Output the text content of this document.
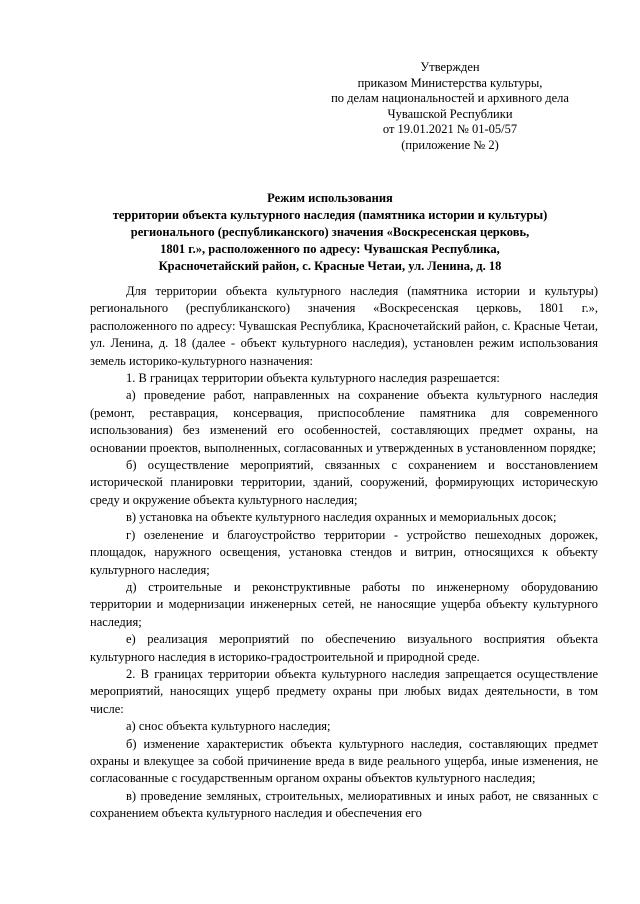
Утвержден
приказом Министерства культуры,
по делам национальностей и архивного дела
Чувашской Республики
от 19.01.2021 № 01-05/57
(приложение № 2)
Режим использования
территории объекта культурного наследия (памятника истории и культуры)
регионального (республиканского) значения «Воскресенская церковь,
1801 г.», расположенного по адресу: Чувашская Республика,
Красночетайский район, с. Красные Четаи, ул. Ленина, д. 18

Для территории объекта культурного наследия (памятника истории и культуры) регионального (республиканского) значения «Воскресенская церковь, 1801 г.», расположенного по адресу: Чувашская Республика, Красночетайский район, с. Красные Четаи, ул. Ленина, д. 18 (далее - объект культурного наследия), установлен режим использования земель историко-культурного назначения:

1. В границах территории объекта культурного наследия разрешается:

а) проведение работ, направленных на сохранение объекта культурного наследия (ремонт, реставрация, консервация, приспособление памятника для современного использования) без изменений его особенностей, составляющих предмет охраны, на основании проектов, выполненных, согласованных и утвержденных в установленном порядке;

б) осуществление мероприятий, связанных с сохранением и восстановлением исторической планировки территории, зданий, сооружений, формирующих историческую среду и окружение объекта культурного наследия;

в) установка на объекте культурного наследия охранных и мемориальных досок;

г) озеленение и благоустройство территории - устройство пешеходных дорожек, площадок, наружного освещения, установка стендов и витрин, относящихся к объекту культурного наследия;

д) строительные и реконструктивные работы по инженерному оборудованию территории и модернизации инженерных сетей, не наносящие ущерба объекту культурного наследия;

е) реализация мероприятий по обеспечению визуального восприятия объекта культурного наследия в историко-градостроительной и природной среде.

2. В границах территории объекта культурного наследия запрещается осуществление мероприятий, наносящих ущерб предмету охраны при любых видах деятельности, в том числе:

а) снос объекта культурного наследия;

б) изменение характеристик объекта культурного наследия, составляющих предмет охраны и влекущее за собой причинение вреда в виде реального ущерба, иные изменения, не согласованные с государственным органом охраны объектов культурного наследия;

в) проведение земляных, строительных, мелиоративных и иных работ, не связанных с сохранением объекта культурного наследия и обеспечения его
